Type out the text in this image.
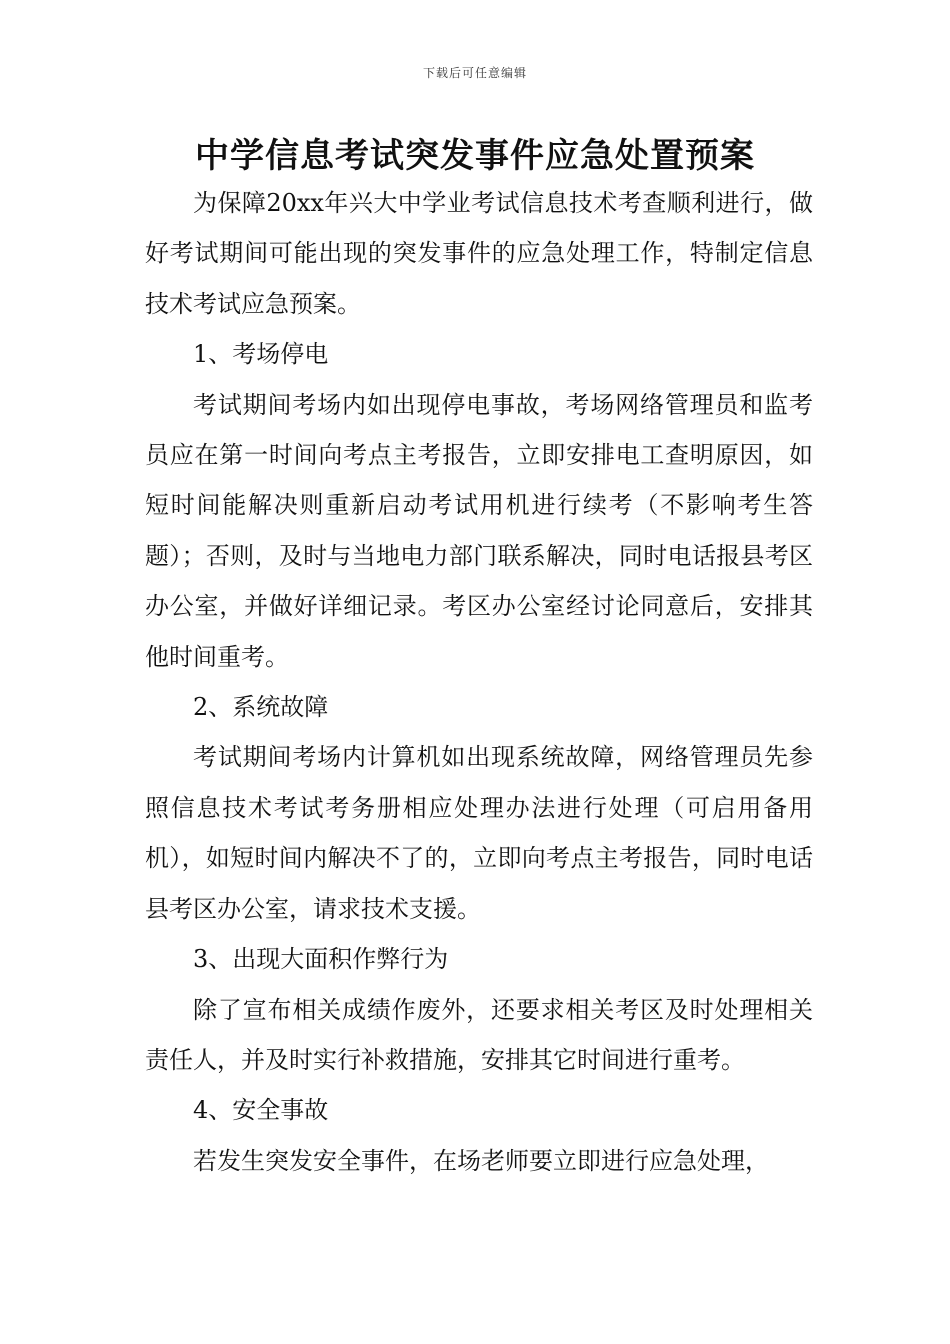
下载后可任意编辑
中学信息考试突发事件应急处置预案

为保障20xx年兴大中学业考试信息技术考查顺利进行，做好考试期间可能出现的突发事件的应急处理工作，特制定信息技术考试应急预案。

1、考场停电

考试期间考场内如出现停电事故，考场网络管理员和监考员应在第一时间向考点主考报告，立即安排电工查明原因，如短时间能解决则重新启动考试用机进行续考（不影响考生答题）；否则，及时与当地电力部门联系解决，同时电话报县考区办公室，并做好详细记录。考区办公室经讨论同意后，安排其他时间重考。

2、系统故障

考试期间考场内计算机如出现系统故障，网络管理员先参照信息技术考试考务册相应处理办法进行处理（可启用备用机），如短时间内解决不了的，立即向考点主考报告，同时电话县考区办公室，请求技术支援。

3、出现大面积作弊行为

除了宣布相关成绩作废外，还要求相关考区及时处理相关责任人，并及时实行补救措施，安排其它时间进行重考。

4、安全事故

若发生突发安全事件，在场老师要立即进行应急处理，
